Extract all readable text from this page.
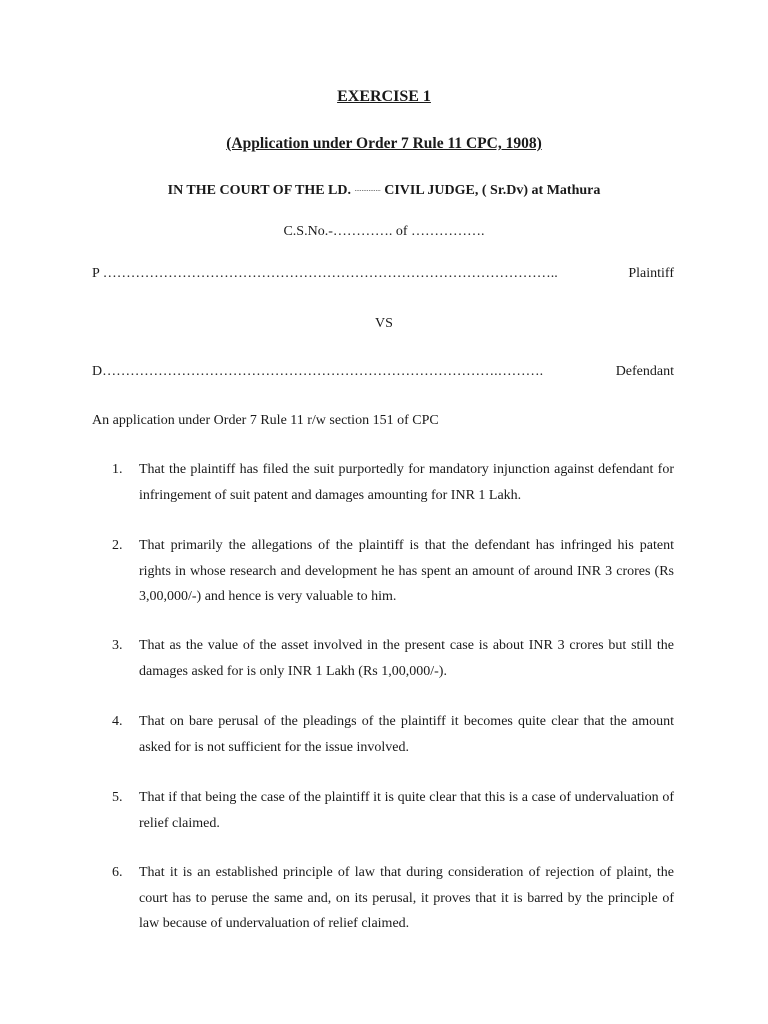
EXERCISE 1
(Application under Order 7 Rule 11 CPC, 1908)
IN THE COURT OF THE LD. ............... CIVIL JUDGE, ( Sr.Dv) at Mathura
C.S.No.-…………. of …………….
P ……………………………………………………………………………………..	Plaintiff
VS
D………………………………………………………………………….……….	Defendant
An application under Order 7 Rule 11 r/w section 151 of CPC
1.	That the plaintiff has filed the suit purportedly for mandatory injunction against defendant for infringement of suit patent and damages amounting for INR 1 Lakh.
2.	That primarily the allegations of the plaintiff is that the defendant has infringed his patent rights in whose research and development he has spent an amount of around INR 3 crores (Rs 3,00,000/-) and hence is very valuable to him.
3.	That as the value of the asset involved in the present case is about INR 3 crores but still the damages asked for is only INR 1 Lakh (Rs 1,00,000/-).
4.	That on bare perusal of the pleadings of the plaintiff it becomes quite clear that the amount asked for is not sufficient for the issue involved.
5.	That if that being the case of the plaintiff it is quite clear that this is a case of undervaluation of relief claimed.
6.	That it is an established principle of law that during consideration of rejection of plaint, the court has to peruse the same and, on its perusal, it proves that it is barred by the principle of law because of undervaluation of relief claimed.
